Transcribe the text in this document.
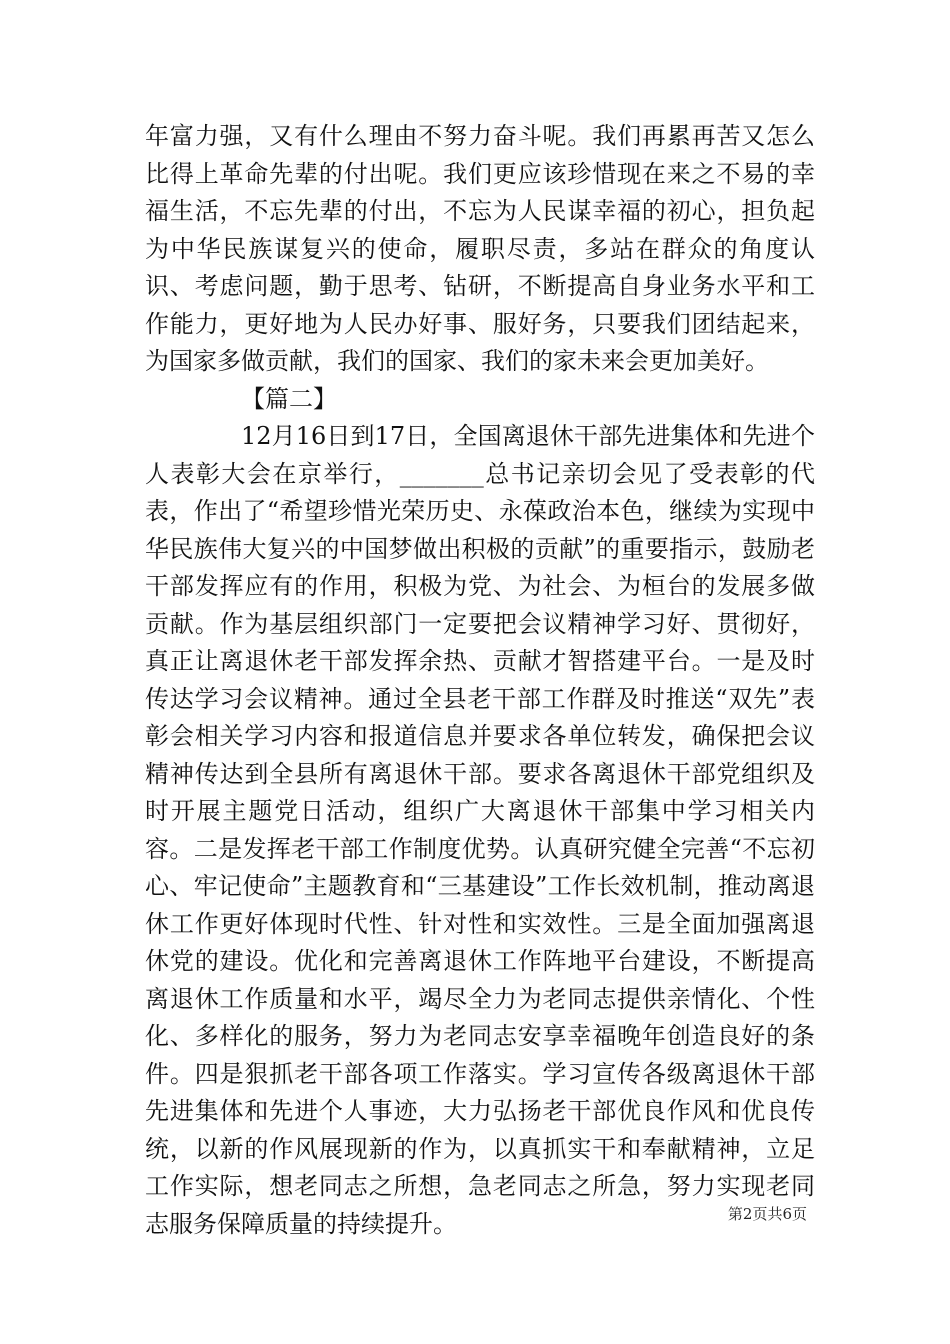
年富力强，又有什么理由不努力奋斗呢。我们再累再苦又怎么比得上革命先辈的付出呢。我们更应该珍惜现在来之不易的幸福生活，不忘先辈的付出，不忘为人民谋幸福的初心，担负起为中华民族谋复兴的使命，履职尽责，多站在群众的角度认识、考虑问题，勤于思考、钻研，不断提高自身业务水平和工作能力，更好地为人民办好事、服好务，只要我们团结起来，为国家多做贡献，我们的国家、我们的家未来会更加美好。

【篇二】

12月16日到17日，全国离退休干部先进集体和先进个人表彰大会在京举行，_______总书记亲切会见了受表彰的代表，作出了“希望珍惜光荣历史、永葆政治本色，继续为实现中华民族伟大复兴的中国梦做出积极的贡献”的重要指示，鼓励老干部发挥应有的作用，积极为党、为社会、为桓台的发展多做贡献。作为基层组织部门一定要把会议精神学习好、贯彻好，真正让离退休老干部发挥余热、贡献才智搭建平台。一是及时传达学习会议精神。通过全县老干部工作群及时推送“双先”表彰会相关学习内容和报道信息并要求各单位转发，确保把会议精神传达到全县所有离退休干部。要求各离退休干部党组织及时开展主题党日活动，组织广大离退休干部集中学习相关内容。二是发挥老干部工作制度优势。认真研究健全完善“不忘初心、牢记使命”主题教育和“三基建设”工作长效机制，推动离退休工作更好体现时代性、针对性和实效性。三是全面加强离退休党的建设。优化和完善离退休工作阵地平台建设，不断提高离退休工作质量和水平，竭尽全力为老同志提供亲情化、个性化、多样化的服务，努力为老同志安享幸福晚年创造良好的条件。四是狠抓老干部各项工作落实。学习宣传各级离退休干部先进集体和先进个人事迹，大力弘扬老干部优良作风和优良传统，以新的作风展现新的作为，以真抓实干和奉献精神，立足工作实际，想老同志之所想，急老同志之所急，努力实现老同志服务保障质量的持续提升。	第2页共6页
